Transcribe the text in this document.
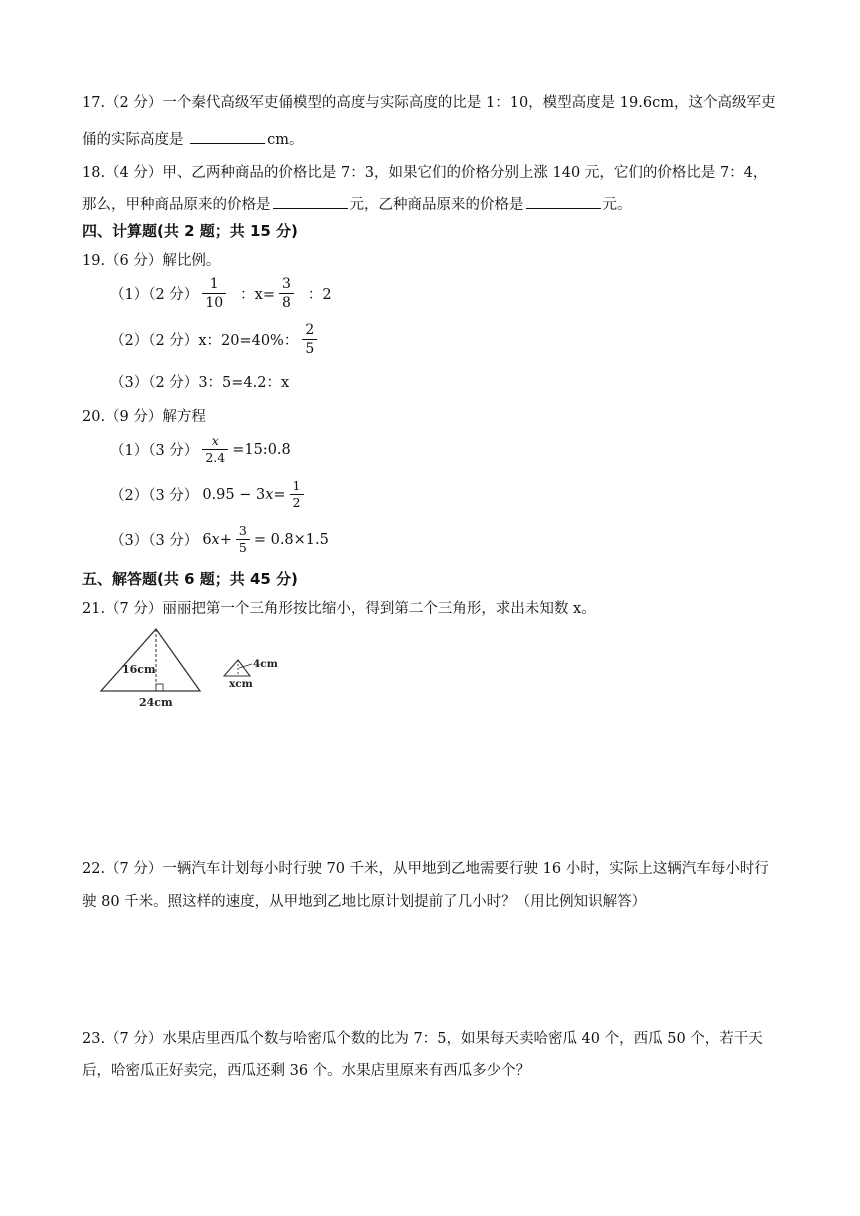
17.（2 分）一个秦代高级军吏俑模型的高度与实际高度的比是 1：10，模型高度是 19.6cm，这个高级军吏
俑的实际高度是	cm。
18.（4 分）甲、乙两种商品的价格比是 7：3，如果它们的价格分别上涨 140 元，它们的价格比是 7：4，
那么，甲种商品原来的价格是	元，乙种商品原来的价格是	元。
四、计算题(共 2 题；共 15 分)
19.（6 分）解比例。
（1）（2 分） $\frac{1}{10}$ ：$x= \frac{3}{8}$ ：2
（2）（2 分） x：20=40%： $\frac{2}{5}$
（3）（2 分） 3：5=4.2：x
20.（9 分）解方程
（1）（3 分） $\frac{x}{2.4}$ =15:0.8
（2）（3 分） 0.95 − 3 $x = \frac{1}{2}$
（3）（3 分） 6 $x + \frac{3}{5} = 0.8\times 1.5$
五、解答题(共 6 题；共 45 分)
21.（7 分）丽丽把第一个三角形按比缩小，得到第二个三角形，求出未知数 x。
16cm
24cm
4cm
xcm
22.（7 分）一辆汽车计划每小时行驶 70 千米，从甲地到乙地需要行驶 16 小时，实际上这辆汽车每小时行
驶 80 千米。照这样的速度，从甲地到乙地比原计划提前了几小时？（用比例知识解答）
23.（7 分）水果店里西瓜个数与哈密瓜个数的比为 7：5，如果每天卖哈密瓜 40 个，西瓜 50 个，若干天
后，哈密瓜正好卖完，西瓜还剩 36 个。水果店里原来有西瓜多少个？
